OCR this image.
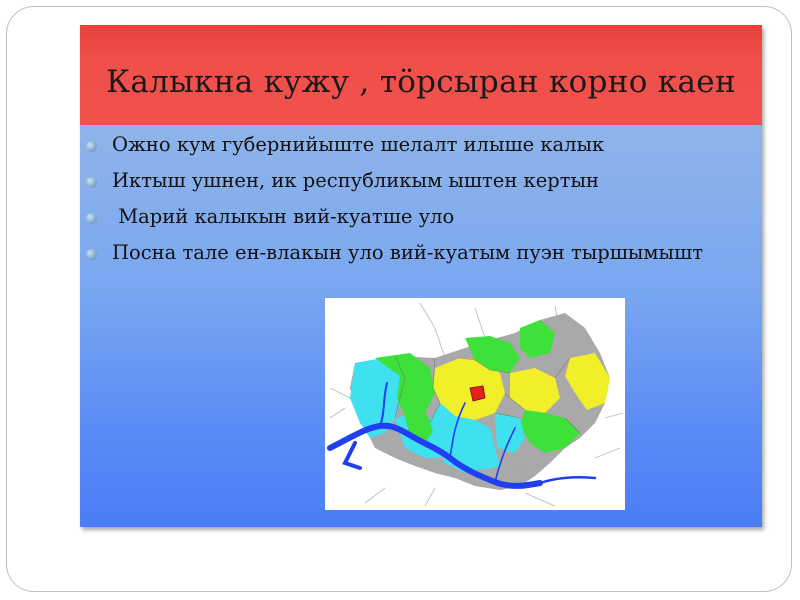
Калыкна кужу , тӧрсыран корно каен
Ожно кум губернийыште шелалт илыше калык
Иктыш ушнен, ик республикым ыштен кертын
Марий калыкын вий-куатше уло
Посна тале ен-влакын уло вий-куатым пуэн тыршымышт
